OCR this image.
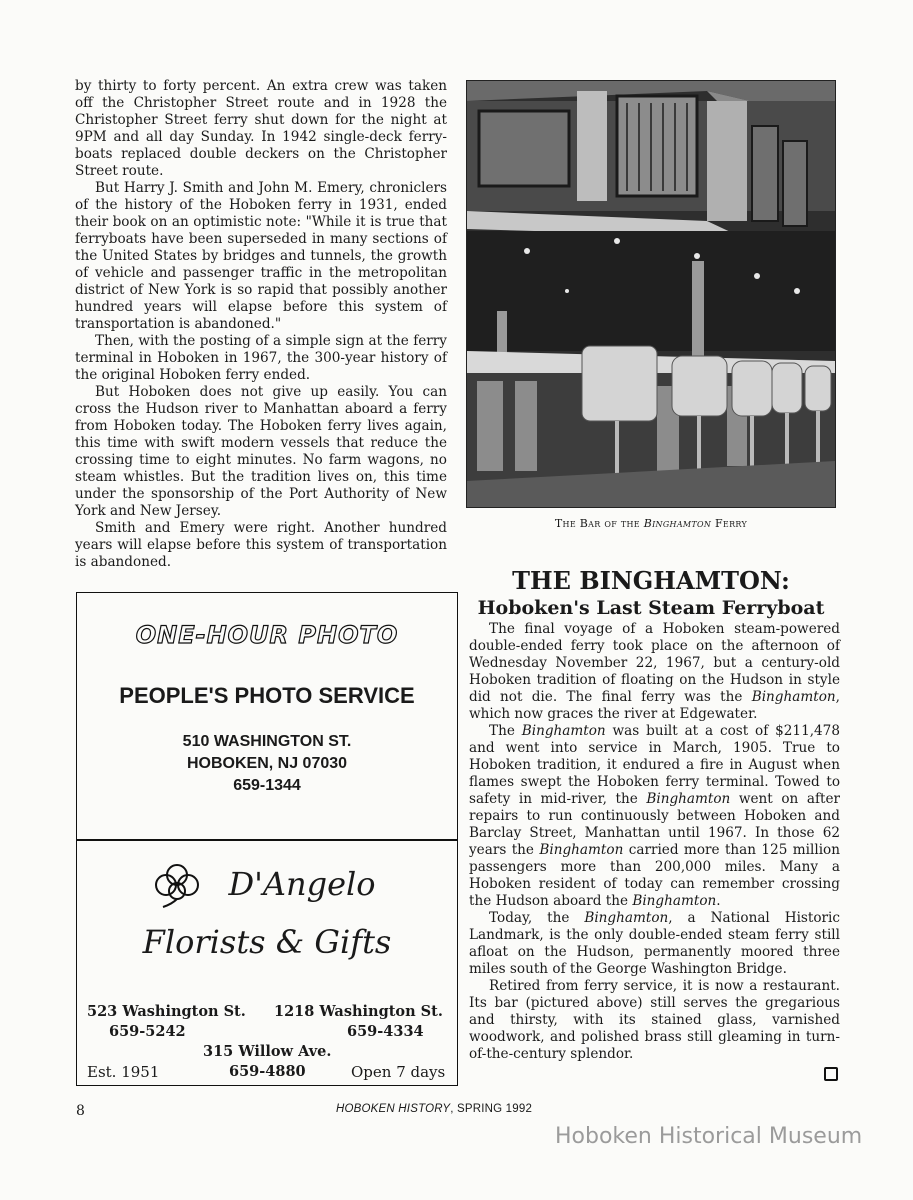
by thirty to forty percent. An extra crew was taken off the Christopher Street route and in 1928 the Christopher Street ferry shut down for the night at 9PM and all day Sunday. In 1942 single-deck ferry-boats replaced double deckers on the Christopher Street route.

But Harry J. Smith and John M. Emery, chroniclers of the history of the Hoboken ferry in 1931, ended their book on an optimistic note: "While it is true that ferryboats have been superseded in many sections of the United States by bridges and tunnels, the growth of vehicle and passenger traffic in the metropolitan district of New York is so rapid that possibly another hundred years will elapse before this system of transportation is abandoned."

Then, with the posting of a simple sign at the ferry terminal in Hoboken in 1967, the 300-year history of the original Hoboken ferry ended.

But Hoboken does not give up easily. You can cross the Hudson river to Manhattan aboard a ferry from Hoboken today. The Hoboken ferry lives again, this time with swift modern vessels that reduce the crossing time to eight minutes. No farm wagons, no steam whistles. But the tradition lives on, this time under the sponsorship of the Port Authority of New York and New Jersey.

Smith and Emery were right. Another hundred years will elapse before this system of transportation is abandoned.

The Bar of the Binghamton Ferry
THE BINGHAMTON:
Hoboken's Last Steam Ferryboat

The final voyage of a Hoboken steam-powered double-ended ferry took place on the afternoon of Wednesday November 22, 1967, but a century-old Hoboken tradition of floating on the Hudson in style did not die. The final ferry was the Binghamton, which now graces the river at Edgewater.

The Binghamton was built at a cost of $211,478 and went into service in March, 1905. True to Hoboken tradition, it endured a fire in August when flames swept the Hoboken ferry terminal. Towed to safety in mid-river, the Binghamton went on after repairs to run continuously between Hoboken and Barclay Street, Manhattan until 1967. In those 62 years the Binghamton carried more than 125 million passengers more than 200,000 miles. Many a Hoboken resident of today can remember crossing the Hudson aboard the Binghamton.

Today, the Binghamton, a National Historic Landmark, is the only double-ended steam ferry still afloat on the Hudson, permanently moored three miles south of the George Washington Bridge.

Retired from ferry service, it is now a restaurant. Its bar (pictured above) still serves the gregarious and thirsty, with its stained glass, varnished woodwork, and polished brass still gleaming in turn-of-the-century splendor.

ONE-HOUR PHOTO
PEOPLE'S PHOTO SERVICE
510 WASHINGTON ST.
HOBOKEN, NJ 07030
659-1344
D'Angelo
Florists & Gifts
523 Washington St.
659-5242
1218 Washington St.
659-4334
315 Willow Ave.
659-4880
Est. 1951	Open 7 days
8	HOBOKEN HISTORY, SPRING 1992
Hoboken Historical Museum
